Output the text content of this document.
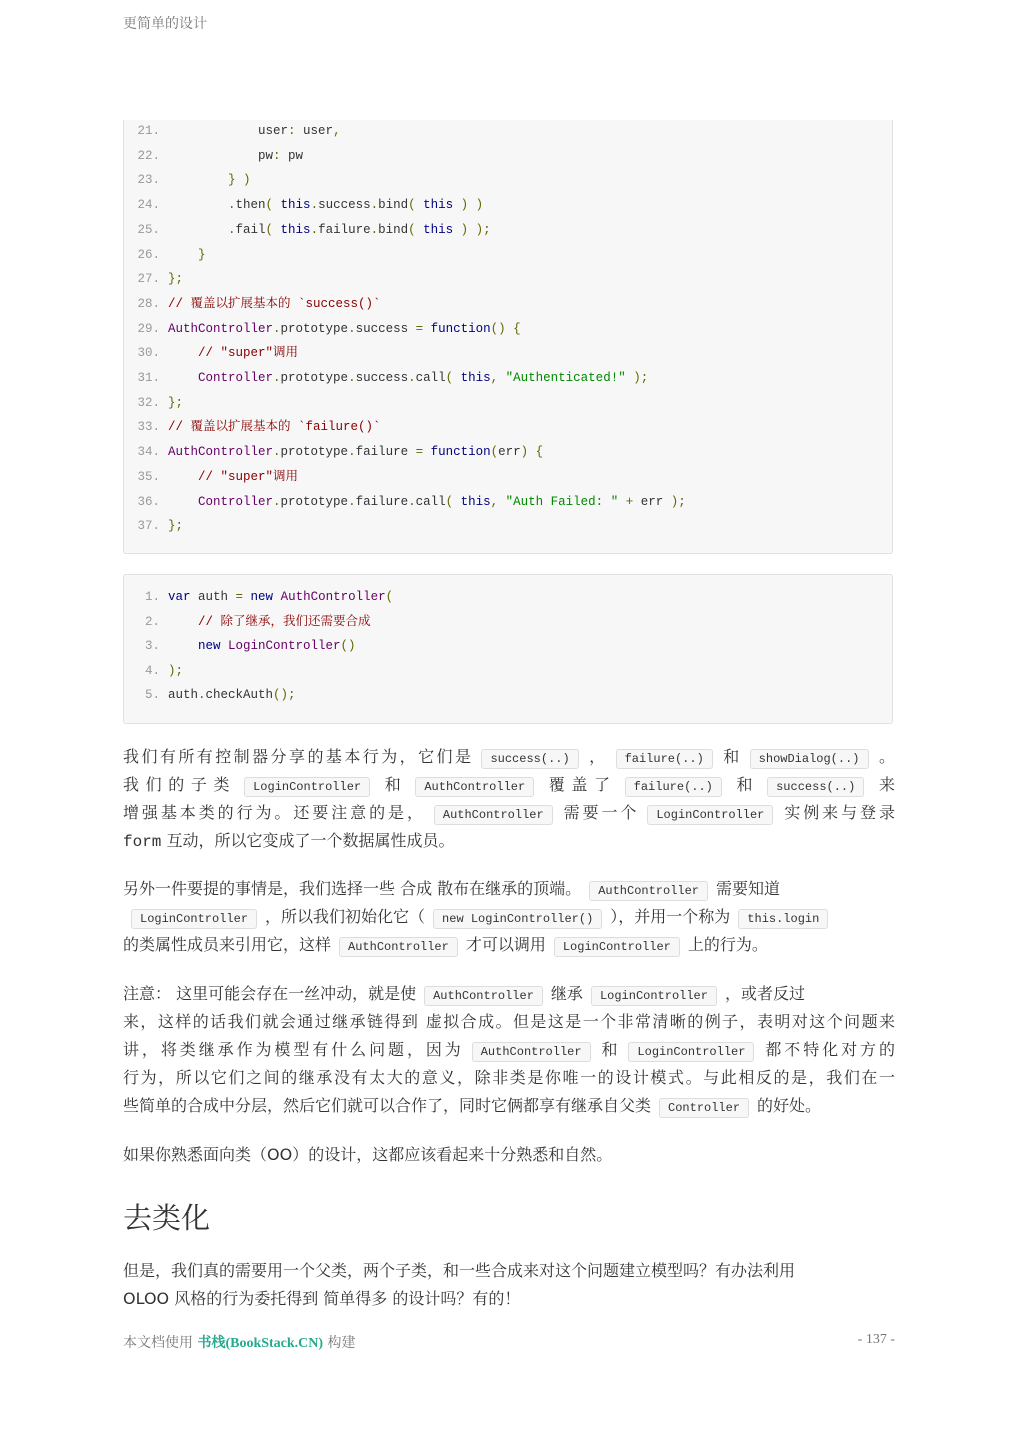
更简单的设计
21.            user: user,
22.            pw: pw
23.        } )
24.        .then( this.success.bind( this ) )
25.        .fail( this.failure.bind( this ) );
26.    }
27. };
28. // 覆盖以扩展基本的 `success()`
29. AuthController.prototype.success = function() {
30.    // "super"调用
31.    Controller.prototype.success.call( this, "Authenticated!" );
32. };
33. // 覆盖以扩展基本的 `failure()`
34. AuthController.prototype.failure = function(err) {
35.    // "super"调用
36.    Controller.prototype.failure.call( this, "Auth Failed: " + err );
37. };
1. var auth = new AuthController(
2.    // 除了继承，我们还需要合成
3.    new LoginController()
4. );
5. auth.checkAuth();
我们有所有控制器分享的基本行为，它们是 success(..) ， failure(..) 和 showDialog(..) 。
我们的子类 LoginController 和 AuthController 覆盖了 failure(..) 和 success(..) 来
增强基本类的行为。还要注意的是， AuthController 需要一个 LoginController 实例来与登录
form 互动，所以它变成了一个数据属性成员。
另外一件要提的事情是，我们选择一些 合成 散布在继承的顶端。 AuthController 需要知道
LoginController ，所以我们初始化它（ new LoginController() ），并用一个称为 this.login
的类属性成员来引用它，这样 AuthController 才可以调用 LoginController 上的行为。
注意： 这里可能会存在一丝冲动，就是使 AuthController 继承 LoginController ，或者反过
来，这样的话我们就会通过继承链得到 虚拟合成。但是这是一个非常清晰的例子，表明对这个问题来
讲，将类继承作为模型有什么问题，因为 AuthController 和 LoginController 都不特化对方的
行为，所以它们之间的继承没有太大的意义，除非类是你唯一的设计模式。与此相反的是，我们在一
些简单的合成中分层，然后它们就可以合作了，同时它俩都享有继承自父类 Controller 的好处。
如果你熟悉面向类（OO）的设计，这都应该看起来十分熟悉和自然。
去类化
但是，我们真的需要用一个父类，两个子类，和一些合成来对这个问题建立模型吗？有办法利用
OLOO 风格的行为委托得到 简单得多 的设计吗？有的！
本文档使用 书栈(BookStack.CN) 构建	- 137 -
